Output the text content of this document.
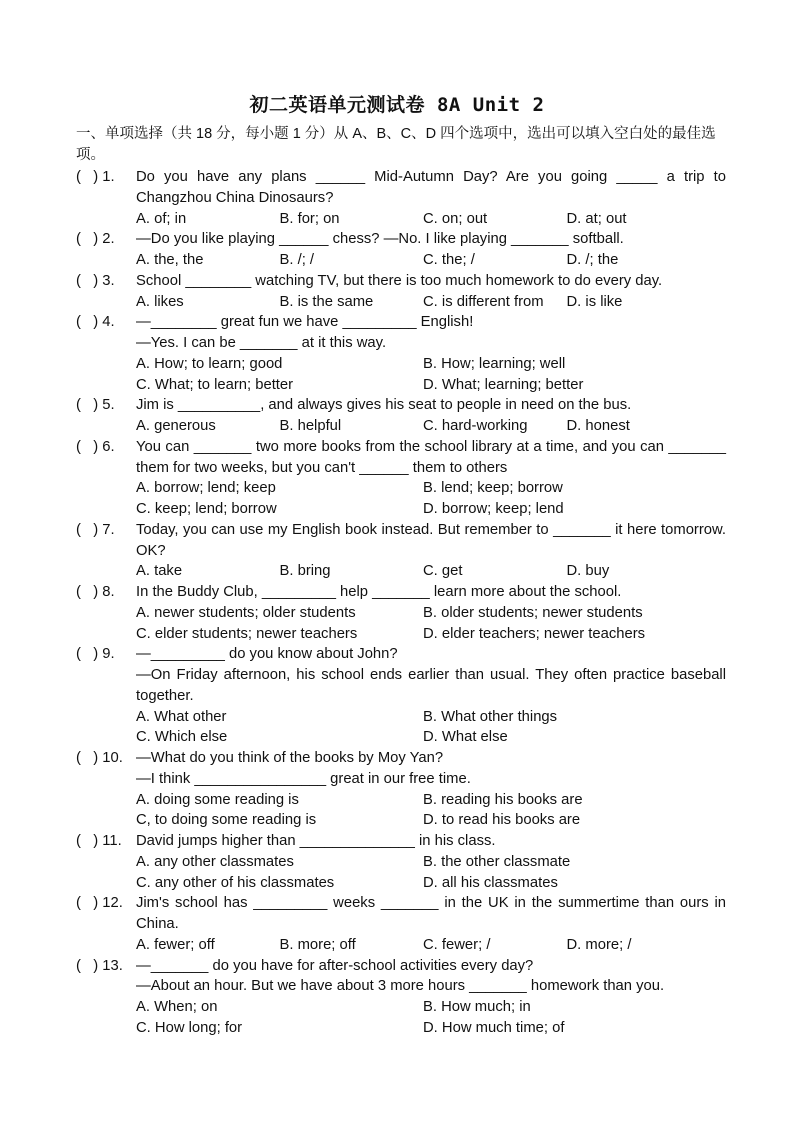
初二英语单元测试卷 8A Unit 2
一、单项选择（共 18 分，每小题 1 分）从 A、B、C、D 四个选项中，选出可以填入空白处的最佳选项。
(   ) 1.	Do you have any plans ______ Mid-Autumn Day? Are you going _____ a trip to Changzhou China Dinosaurs?
A. of; in	B. for; on	C. on; out	D. at; out
(   ) 2.	—Do you like playing ______ chess? —No. I like playing _______ softball.
A. the, the	B. /; /	C. the; /	D. /; the
(   ) 3.	School ________ watching TV, but there is too much homework to do every day.
A. likes	B. is the same	C. is different from	D. is like
(   ) 4.	—________ great fun we have _________ English!
—Yes. I can be _______ at it this way.
A. How; to learn; good	B. How; learning; well
C. What; to learn; better	D. What; learning; better
(   ) 5.	Jim is __________, and always gives his seat to people in need on the bus.
A. generous	B. helpful	C. hard-working	D. honest
(   ) 6.	You can _______ two more books from the school library at a time, and you can _______ them for two weeks, but you can't ______ them to others
A. borrow; lend; keep	B. lend; keep; borrow
C. keep; lend; borrow	D. borrow; keep; lend
(   ) 7.	Today, you can use my English book instead. But remember to _______ it here tomorrow. OK?
A. take	B. bring	C. get	D. buy
(   ) 8.	In the Buddy Club, _________ help _______ learn more about the school.
A. newer students; older students	B. older students; newer students
C. elder students; newer teachers	D. elder teachers; newer teachers
(   ) 9.	—_________ do you know about John?
—On Friday afternoon, his school ends earlier than usual. They often practice baseball together.
A. What other	B. What other things
C. Which else	D. What else
(   ) 10. —What do you think of the books by Moy Yan?
—I think ________________ great in our free time.
A. doing some reading is	B. reading his books are
C, to doing some reading is	D. to read his books are
(   ) 11. David jumps higher than ______________ in his class.
A. any other classmates	B. the other classmate
C. any other of his classmates	D. all his classmates
(   ) 12. Jim's school has _________ weeks _______ in the UK in the summertime than ours in China.
A. fewer; off	B. more; off	C. fewer; /	D. more; /
(   ) 13. —_______ do you have for after-school activities every day?
—About an hour. But we have about 3 more hours _______ homework than you.
A. When; on	B. How much; in
C. How long; for	D. How much time; of
